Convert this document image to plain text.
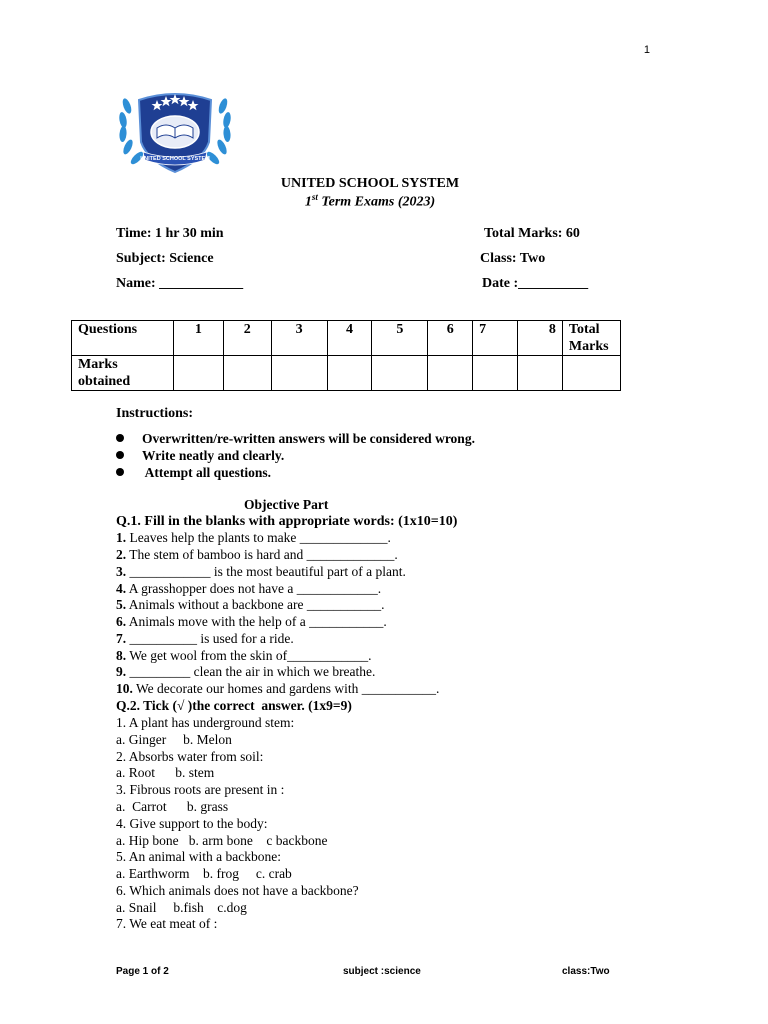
1
UNITED SCHOOL SYSTEM
UNITED SCHOOL SYSTEM
1st Term Exams (2023)
Time: 1 hr 30 min	Total Marks: 60
Subject: Science	Class: Two
Name: ____________	Date :__________
Questions	1	2	3	4	5	6	7	8	Total Marks
Marks obtained									
Instructions:
Overwritten/re-written answers will be considered wrong.
Write neatly and clearly.
Attempt all questions.
Objective Part
Q.1. Fill in the blanks with appropriate words: (1x10=10)
1. Leaves help the plants to make _____________.
2. The stem of bamboo is hard and _____________.
3. ____________ is the most beautiful part of a plant.
4. A grasshopper does not have a ____________.
5. Animals without a backbone are ___________.
6. Animals move with the help of a ___________.
7. __________ is used for a ride.
8. We get wool from the skin of____________.
9. _________ clean the air in which we breathe.
10. We decorate our homes and gardens with ___________.
Q.2. Tick (√ )the correct  answer. (1x9=9)
1. A plant has underground stem:
a. Ginger     b. Melon
2. Absorbs water from soil:
a. Root      b. stem
3. Fibrous roots are present in :
a.  Carrot      b. grass
4. Give support to the body:
a. Hip bone   b. arm bone    c backbone
5. An animal with a backbone:
a. Earthworm    b. frog     c. crab
6. Which animals does not have a backbone?
a. Snail     b.fish    c.dog
7. We eat meat of :
Page 1 of 2	subject :science	class:Two
